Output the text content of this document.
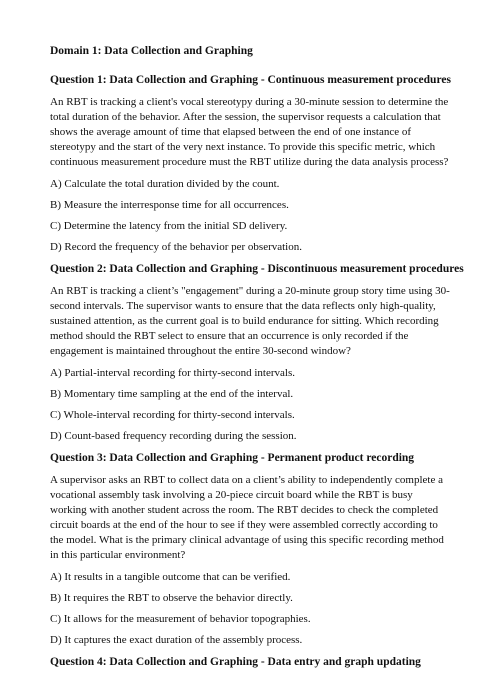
Domain 1: Data Collection and Graphing
Question 1: Data Collection and Graphing - Continuous measurement procedures
An RBT is tracking a client's vocal stereotypy during a 30-minute session to determine the total duration of the behavior. After the session, the supervisor requests a calculation that shows the average amount of time that elapsed between the end of one instance of stereotypy and the start of the very next instance. To provide this specific metric, which continuous measurement procedure must the RBT utilize during the data analysis process?
A) Calculate the total duration divided by the count.
B) Measure the interresponse time for all occurrences.
C) Determine the latency from the initial SD delivery.
D) Record the frequency of the behavior per observation.
Question 2: Data Collection and Graphing - Discontinuous measurement procedures
An RBT is tracking a client’s "engagement" during a 20-minute group story time using 30-second intervals. The supervisor wants to ensure that the data reflects only high-quality, sustained attention, as the current goal is to build endurance for sitting. Which recording method should the RBT select to ensure that an occurrence is only recorded if the engagement is maintained throughout the entire 30-second window?
A) Partial-interval recording for thirty-second intervals.
B) Momentary time sampling at the end of the interval.
C) Whole-interval recording for thirty-second intervals.
D) Count-based frequency recording during the session.
Question 3: Data Collection and Graphing - Permanent product recording
A supervisor asks an RBT to collect data on a client’s ability to independently complete a vocational assembly task involving a 20-piece circuit board while the RBT is busy working with another student across the room. The RBT decides to check the completed circuit boards at the end of the hour to see if they were assembled correctly according to the model. What is the primary clinical advantage of using this specific recording method in this particular environment?
A) It results in a tangible outcome that can be verified.
B) It requires the RBT to observe the behavior directly.
C) It allows for the measurement of behavior topographies.
D) It captures the exact duration of the assembly process.
Question 4: Data Collection and Graphing - Data entry and graph updating
